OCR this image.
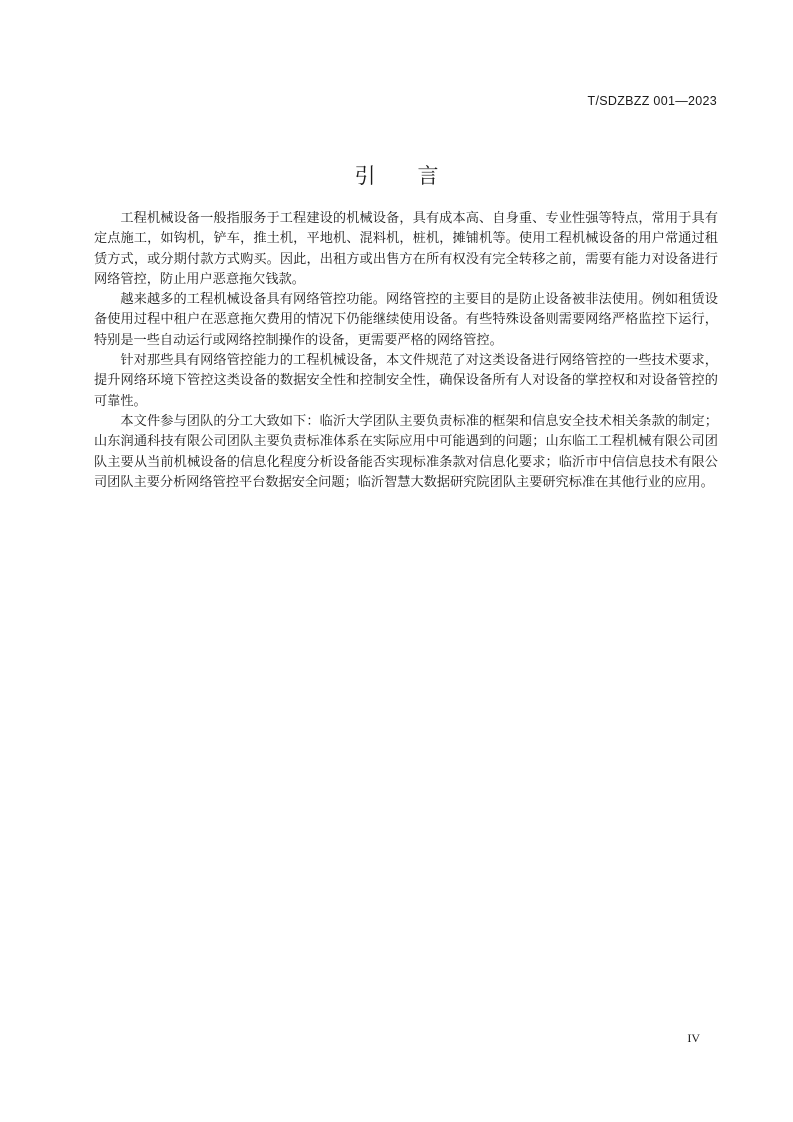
T/SDZBZZ 001—2023
引 言

工程机械设备一般指服务于工程建设的机械设备，具有成本高、自身重、专业性强等特点，常用于具有定点施工，如钩机，铲车，推土机，平地机、混料机，桩机，摊铺机等。使用工程机械设备的用户常通过租赁方式，或分期付款方式购买。因此，出租方或出售方在所有权没有完全转移之前，需要有能力对设备进行网络管控，防止用户恶意拖欠钱款。

越来越多的工程机械设备具有网络管控功能。网络管控的主要目的是防止设备被非法使用。例如租赁设备使用过程中租户在恶意拖欠费用的情况下仍能继续使用设备。有些特殊设备则需要网络严格监控下运行，特别是一些自动运行或网络控制操作的设备，更需要严格的网络管控。

针对那些具有网络管控能力的工程机械设备，本文件规范了对这类设备进行网络管控的一些技术要求，提升网络环境下管控这类设备的数据安全性和控制安全性，确保设备所有人对设备的掌控权和对设备管控的可靠性。

本文件参与团队的分工大致如下：临沂大学团队主要负责标准的框架和信息安全技术相关条款的制定；山东润通科技有限公司团队主要负责标准体系在实际应用中可能遇到的问题；山东临工工程机械有限公司团队主要从当前机械设备的信息化程度分析设备能否实现标准条款对信息化要求；临沂市中信信息技术有限公司团队主要分析网络管控平台数据安全问题；临沂智慧大数据研究院团队主要研究标准在其他行业的应用。

IV
